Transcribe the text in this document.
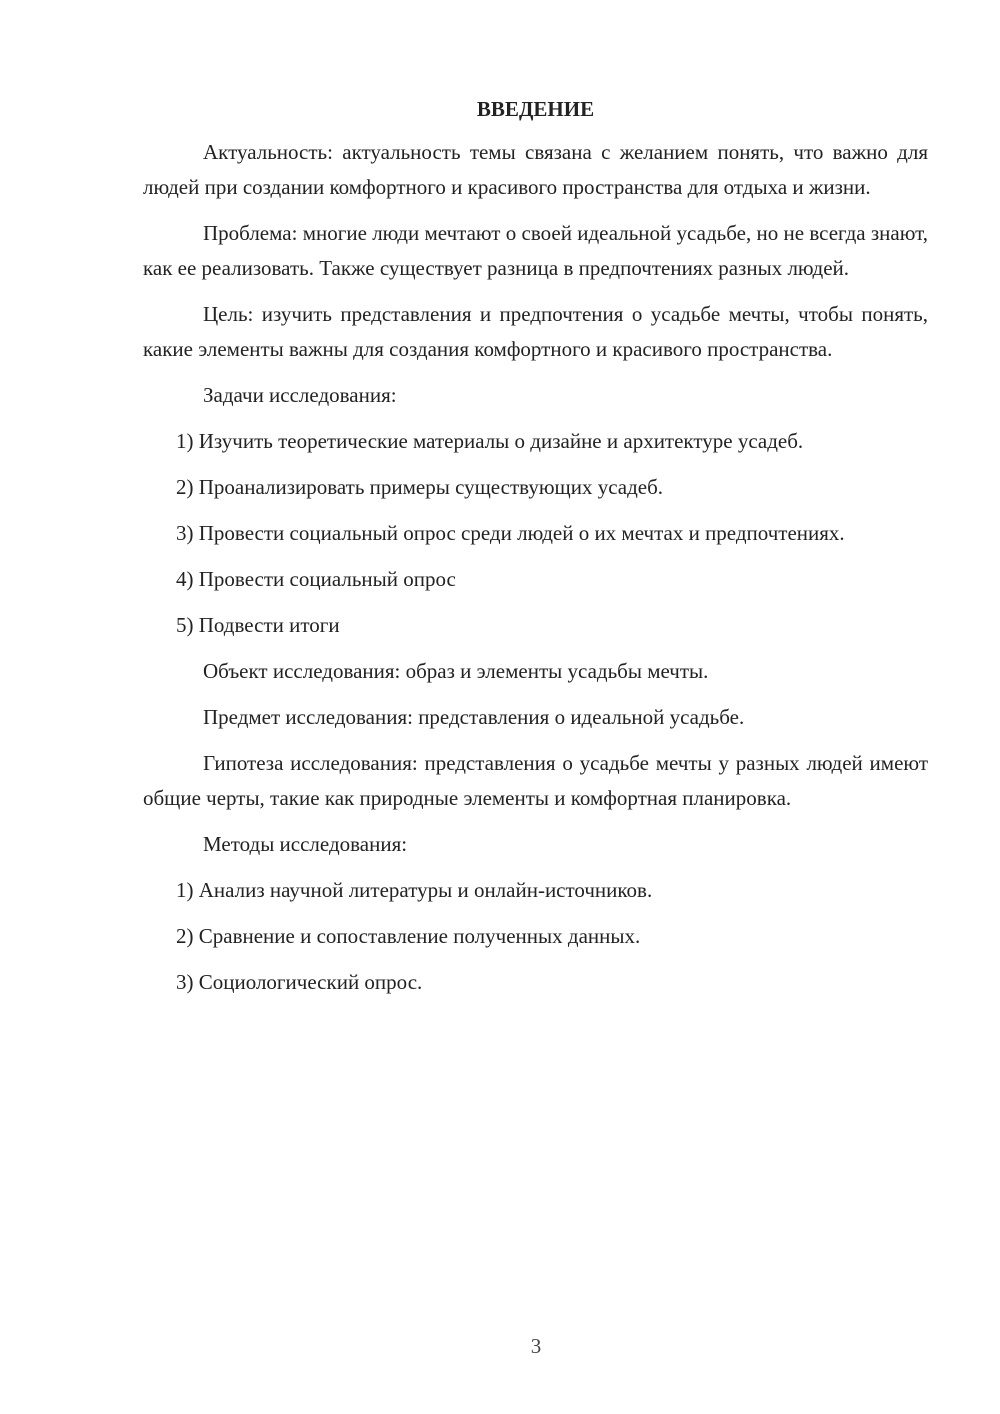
ВВЕДЕНИЕ
Актуальность: актуальность темы связана с желанием понять, что важно для людей при создании комфортного и красивого пространства для отдыха и жизни.
Проблема: многие люди мечтают о своей идеальной усадьбе, но не всегда знают, как ее реализовать. Также существует разница в предпочтениях разных людей.
Цель: изучить представления и предпочтения о усадьбе мечты, чтобы понять, какие элементы важны для создания комфортного и красивого пространства.
Задачи исследования:
1) Изучить теоретические материалы о дизайне и архитектуре усадеб.
2) Проанализировать примеры существующих усадеб.
3) Провести социальный опрос среди людей о их мечтах и предпочтениях.
4) Провести социальный опрос
5) Подвести итоги
Объект исследования: образ и элементы усадьбы мечты.
Предмет исследования: представления о идеальной усадьбе.
Гипотеза исследования: представления о усадьбе мечты у разных людей имеют общие черты, такие как природные элементы и комфортная планировка.
Методы исследования:
1) Анализ научной литературы и онлайн-источников.
2) Сравнение и сопоставление полученных данных.
3) Социологический опрос.
3
